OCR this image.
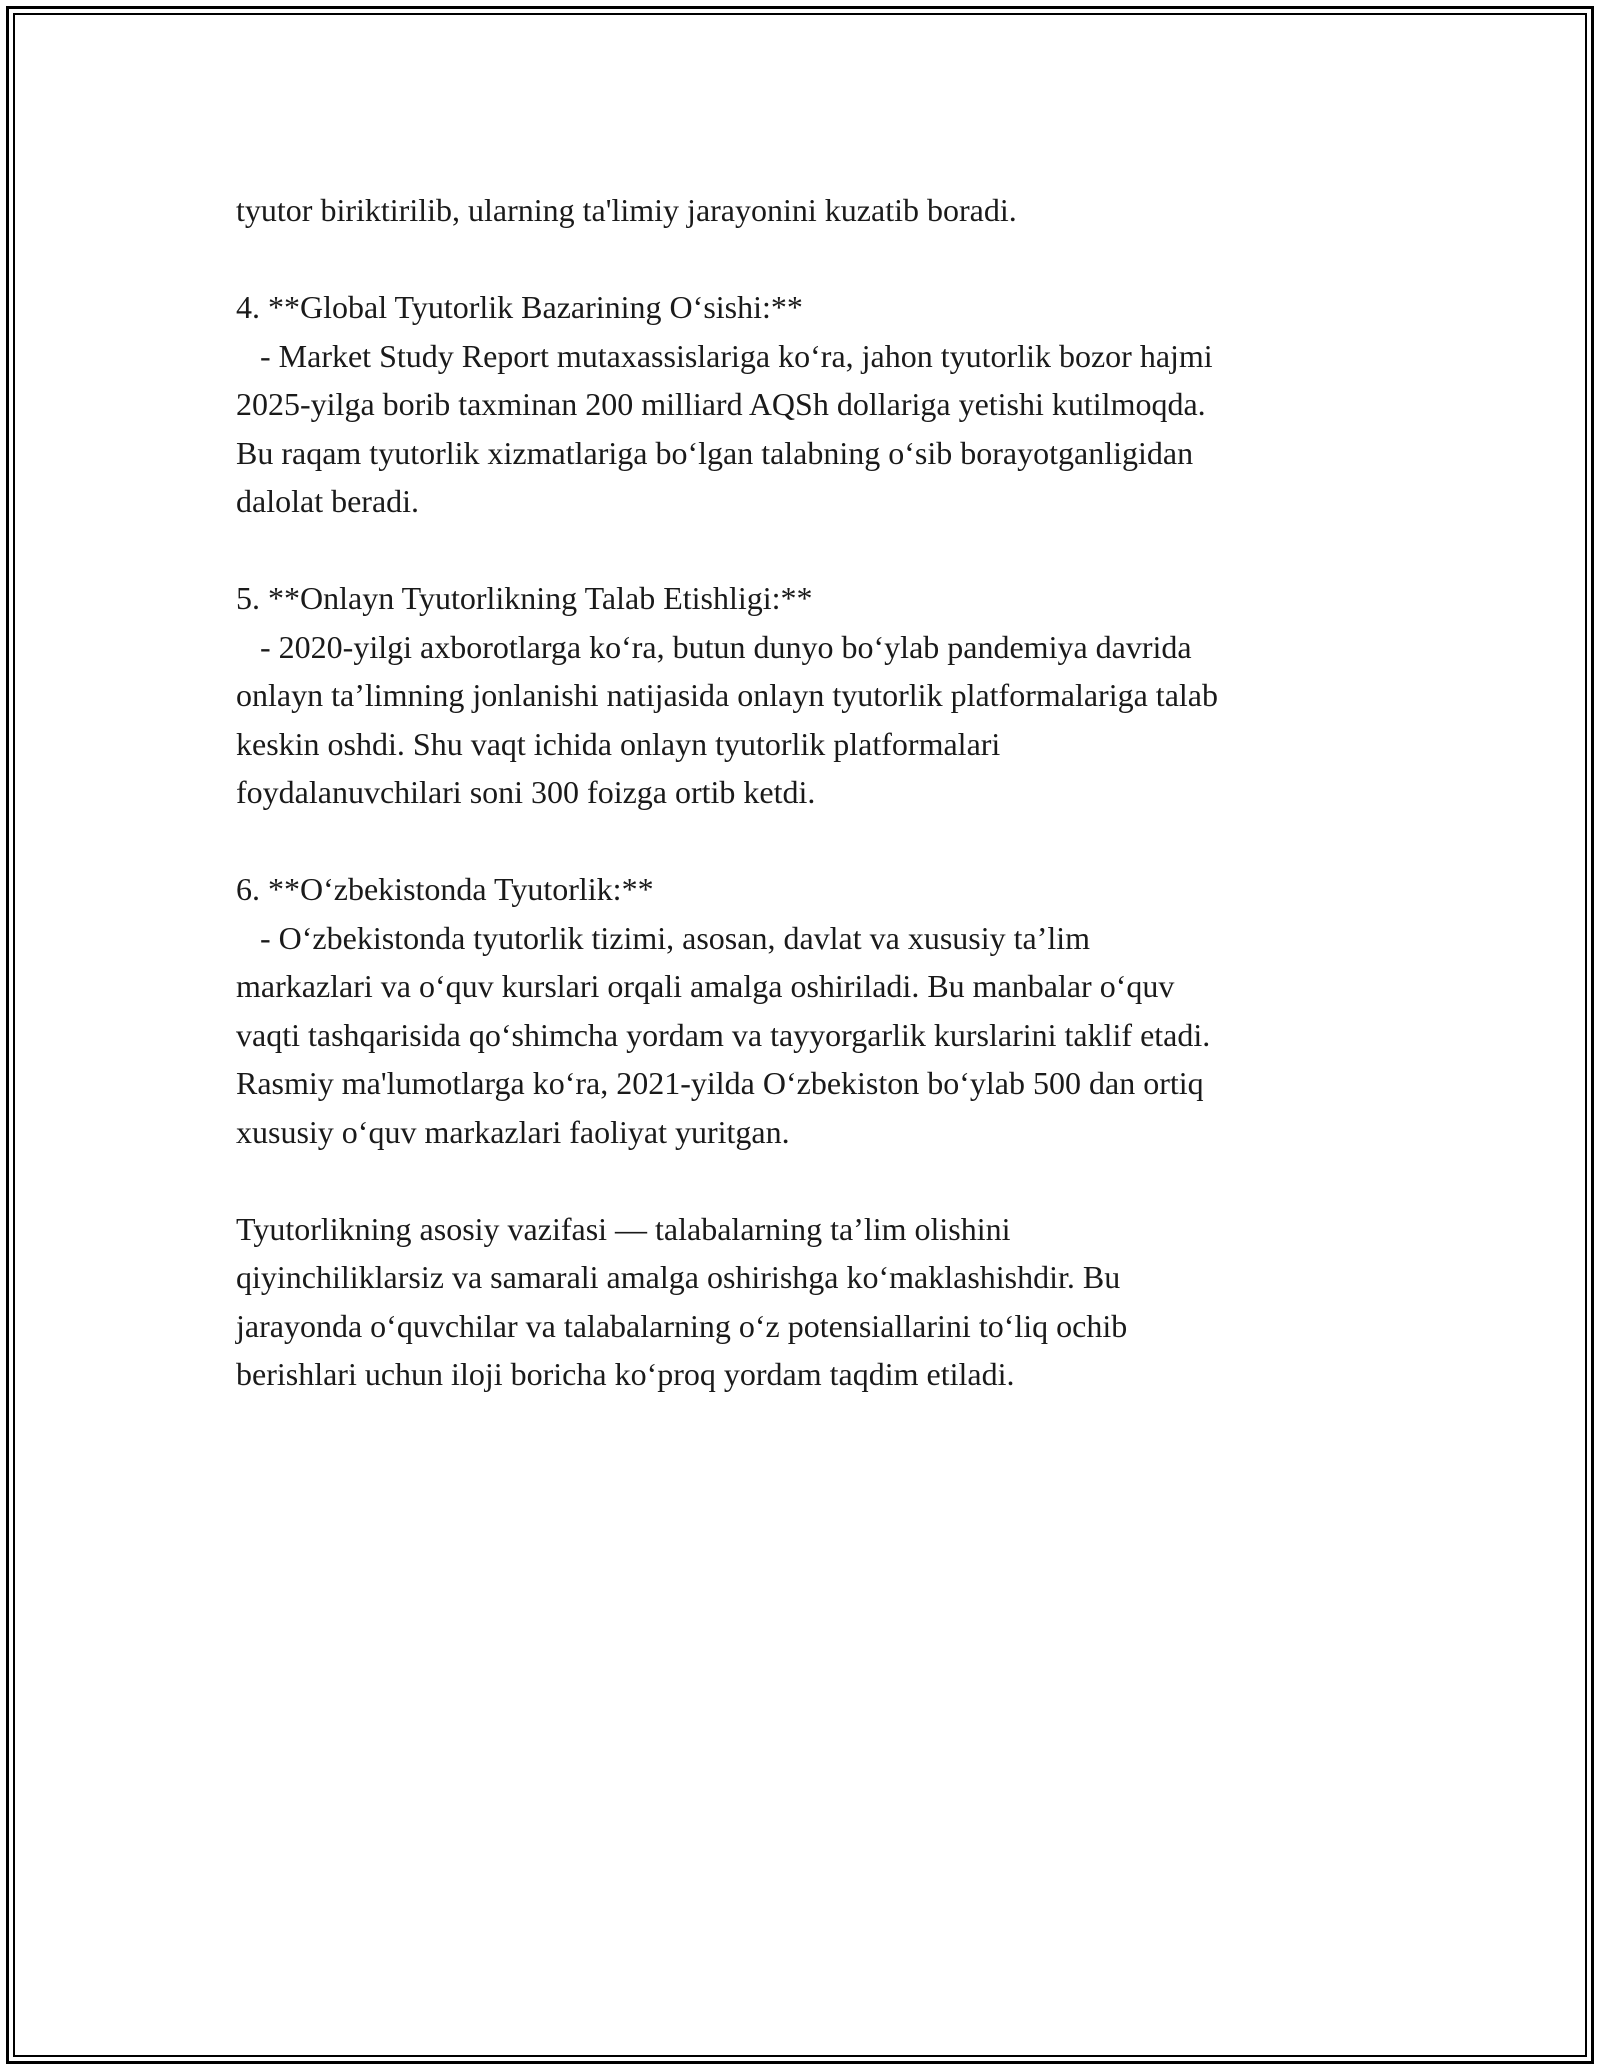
tyutor biriktirilib, ularning ta'limiy jarayonini kuzatib boradi.

4. **Global Tyutorlik Bazarining O‘sishi:**

- Market Study Report mutaxassislariga ko‘ra, jahon tyutorlik bozor hajmi

2025-yilga borib taxminan 200 milliard AQSh dollariga yetishi kutilmoqda.

Bu raqam tyutorlik xizmatlariga bo‘lgan talabning o‘sib borayotganligidan

dalolat beradi.

5. **Onlayn Tyutorlikning Talab Etishligi:**

- 2020-yilgi axborotlarga ko‘ra, butun dunyo bo‘ylab pandemiya davrida

onlayn ta’limning jonlanishi natijasida onlayn tyutorlik platformalariga talab

keskin oshdi. Shu vaqt ichida onlayn tyutorlik platformalari

foydalanuvchilari soni 300 foizga ortib ketdi.

6. **O‘zbekistonda Tyutorlik:**

- O‘zbekistonda tyutorlik tizimi, asosan, davlat va xususiy ta’lim

markazlari va o‘quv kurslari orqali amalga oshiriladi. Bu manbalar o‘quv

vaqti tashqarisida qo‘shimcha yordam va tayyorgarlik kurslarini taklif etadi.

Rasmiy ma'lumotlarga ko‘ra, 2021-yilda O‘zbekiston bo‘ylab 500 dan ortiq

xususiy o‘quv markazlari faoliyat yuritgan.

Tyutorlikning asosiy vazifasi — talabalarning ta’lim olishini

qiyinchiliklarsiz va samarali amalga oshirishga ko‘maklashishdir. Bu

jarayonda o‘quvchilar va talabalarning o‘z potensiallarini to‘liq ochib

berishlari uchun iloji boricha ko‘proq yordam taqdim etiladi.
